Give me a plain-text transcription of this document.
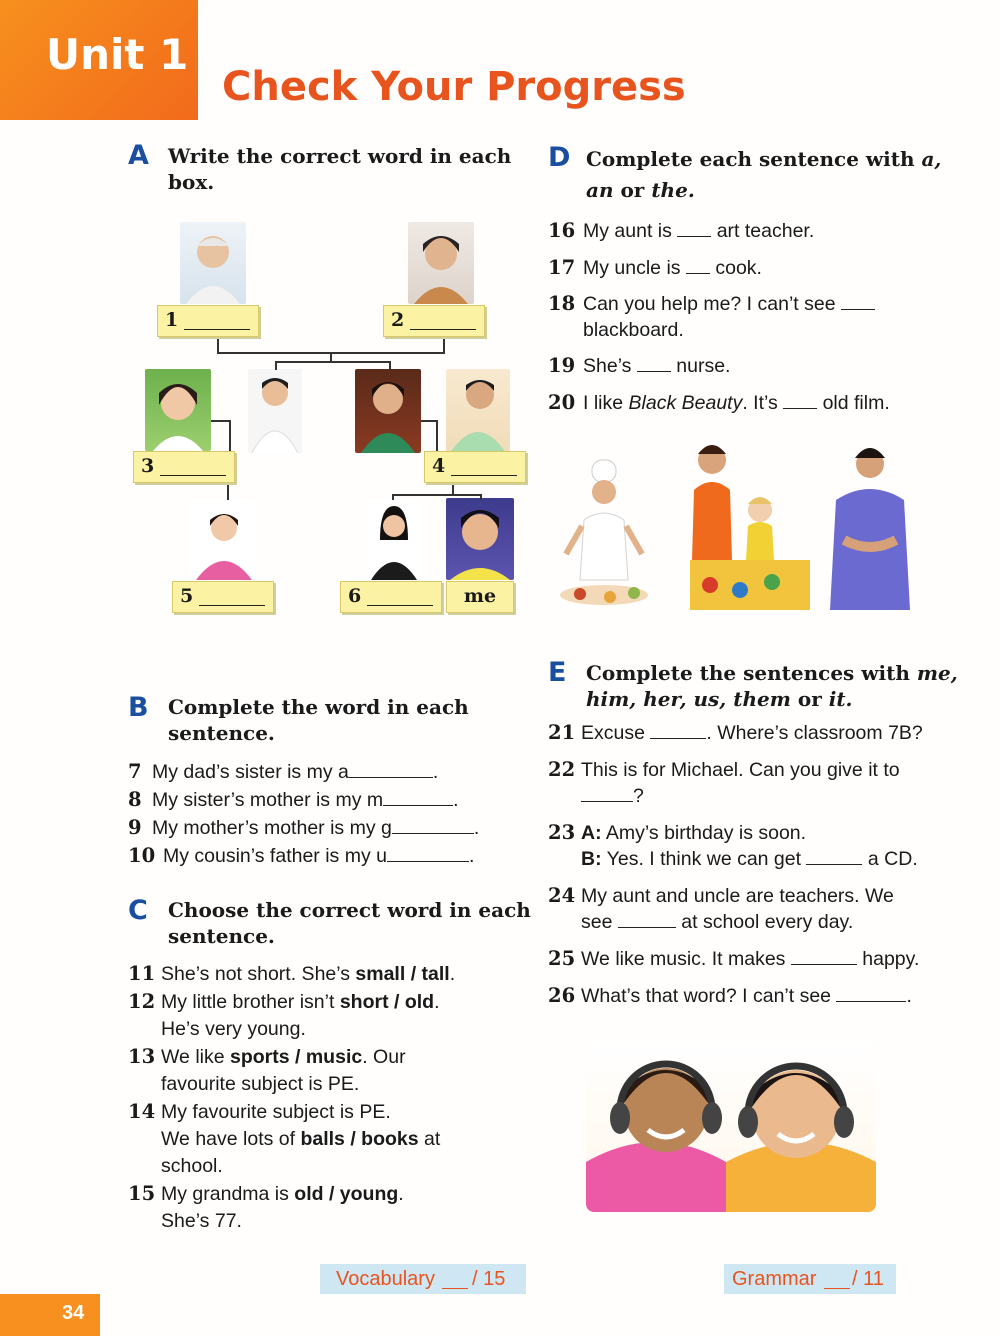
Unit 1
Check Your Progress
A Write the correct word in each
box.
1	2
3	4
5	6	me
B Complete the word in each
sentence.
7 My dad’s sister is my a	.
8 My sister’s mother is my m	.
9 My mother’s mother is my g	.
10 My cousin’s father is my u	.
C Choose the correct word in each
sentence.
11 She’s not short. She’s small / tall.
12 My little brother isn’t short / old.
He’s very young.
13 We like sports / music. Our
favourite subject is PE.
14 My favourite subject is PE.
We have lots of balls / books at
school.
15 My grandma is old / young.
She’s 77.
D Complete each sentence with a,
an or the.
16 My aunt is  art teacher.
17 My uncle is  cook.
18 Can you help me? I can’t see
blackboard.
19 She’s  nurse.
20 I like Black Beauty. It’s  old film.
E Complete the sentences with me,
him, her, us, them or it.
21 Excuse	. Where’s classroom 7B?
22 This is for Michael. Can you give it to
?
23 A: Amy’s birthday is soon.
B: Yes. I think we can get	a CD.
24 My aunt and uncle are teachers. We
see	at school every day.
25 We like music. It makes	happy.
26 What’s that word? I can’t see	.
Vocabulary / 15	Grammar / 11
34
